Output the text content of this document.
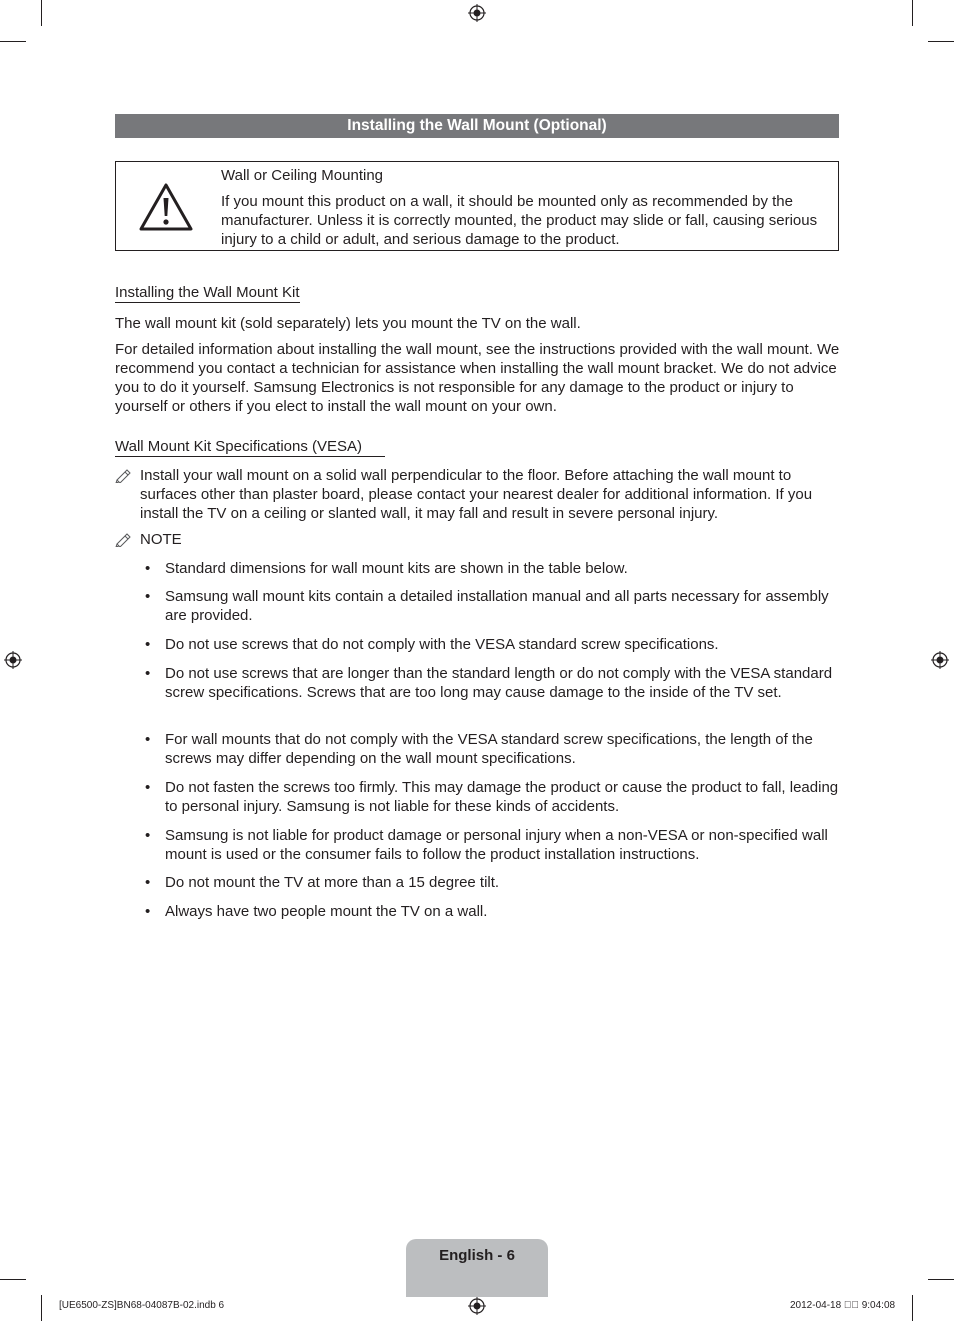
Installing the Wall Mount (Optional)
Wall or Ceiling Mounting
If you mount this product on a wall, it should be mounted only as recommended by the manufacturer. Unless it is correctly mounted, the product may slide or fall, causing serious injury to a child or adult, and serious damage to the product.
Installing the Wall Mount Kit
The wall mount kit (sold separately) lets you mount the TV on the wall.
For detailed information about installing the wall mount, see the instructions provided with the wall mount. We recommend you contact a technician for assistance when installing the wall mount bracket. We do not advice you to do it yourself. Samsung Electronics is not responsible for any damage to the product or injury to yourself or others if you elect to install the wall mount on your own.
Wall Mount Kit Specifications (VESA)
Install your wall mount on a solid wall perpendicular to the floor. Before attaching the wall mount to surfaces other than plaster board, please contact your nearest dealer for additional information. If you install the TV on a ceiling or slanted wall, it may fall and result in severe personal injury.
NOTE
• Standard dimensions for wall mount kits are shown in the table below.
• Samsung wall mount kits contain a detailed installation manual and all parts necessary for assembly are provided.
• Do not use screws that do not comply with the VESA standard screw specifications.
• Do not use screws that are longer than the standard length or do not comply with the VESA standard screw specifications. Screws that are too long may cause damage to the inside of the TV set.
• For wall mounts that do not comply with the VESA standard screw specifications, the length of the screws may differ depending on the wall mount specifications.
• Do not fasten the screws too firmly. This may damage the product or cause the product to fall, leading to personal injury. Samsung is not liable for these kinds of accidents.
• Samsung is not liable for product damage or personal injury when a non-VESA or non-specified wall mount is used or the consumer fails to follow the product installation instructions.
• Do not mount the TV at more than a 15 degree tilt.
• Always have two people mount the TV on a wall.
English - 6
[UE6500-ZS]BN68-04087B-02.indb 6	2012-04-18 ￿￿ 9:04:08
